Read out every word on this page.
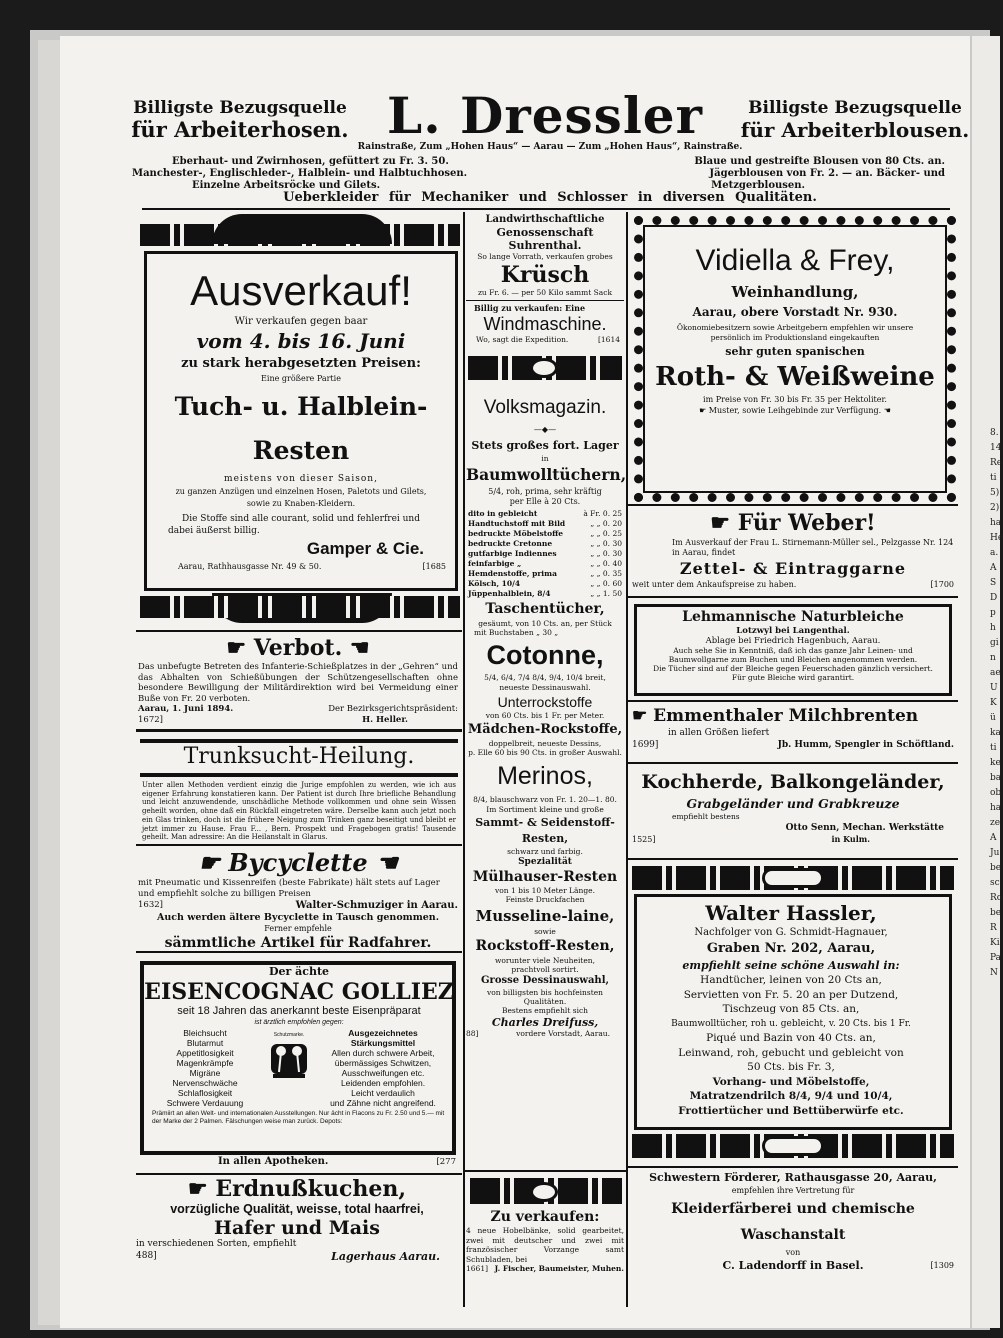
8.
14
Re
ti
5)
2)
ha
He
a.
A
S
D
p
h
gi
n
ae
U
K
ü
ka
ti
ke
ba
ob
ha
ze
A
Ju
be
sc
Ro
be
R
Ki
Pa
N
Billigste Bezugsquelle
für Arbeiterhosen. L. Dressler	Billigste Bezugsquelle
für Arbeiterblousen.
Rainstraße, Zum „Hohen Haus“ — Aarau — Zum „Hohen Haus“, Rainstraße.
Eberhaut- und Zwirnhosen, gefüttert zu Fr. 3. 50.
Manchester-, Englischleder-, Halblein- und Halbtuchhosen.
Einzelne Arbeitsröcke und Gilets.
Blaue und gestreifte Blousen von 80 Cts. an.
Jägerblousen von Fr. 2. — an. Bäcker- und
Metzgerblousen.
Ueberkleider für Mechaniker und Schlosser in diversen Qualitäten.
Ausverkauf!
Wir verkaufen gegen baar
vom 4. bis 16. Juni
zu stark herabgesetzten Preisen:
Eine größere Partie
Tuch- u. Halblein-Resten
meistens von dieser Saison,
zu ganzen Anzügen und einzelnen Hosen, Paletots und Gilets,
sowie zu Knaben-Kleidern.
Die Stoffe sind alle courant, solid und fehlerfrei und
dabei äußerst billig.
Gamper & Cie.
Aarau, Rathhausgasse Nr. 49 & 50.	[1685
☛ Verbot. ☚
Das unbefugte Betreten des Infanterie-Schießplatzes in der „Gehren“ und das Abhalten von Schießübungen der Schützengesellschaften ohne besondere Bewilligung der Militärdirektion wird bei Vermeidung einer Buße von Fr. 20 verboten.
Aarau, 1. Juni 1894.	Der Bezirksgerichtspräsident:
1672]	H. Heller.
Trunksucht-Heilung.
Unter allen Methoden verdient einzig die Jurige empfohlen zu werden, wie ich aus eigener Erfahrung konstatieren kann. Der Patient ist durch Ihre briefliche Behandlung und leicht anzuwendende, unschädliche Methode vollkommen und ohne sein Wissen geheilt worden, ohne daß ein Rückfall eingetreten wäre. Derselbe kann auch jetzt noch ein Glas trinken, doch ist die frühere Neigung zum Trinken ganz beseitigt und bleibt er jetzt immer zu Hause. Frau F... , Bern. Prospekt und Fragebogen gratis! Tausende geheilt. Man adressire: An die Heilanstalt in Glarus.
☛ Bycyclette ☚
mit Pneumatic und Kissenreifen (beste Fabrikate) hält stets auf Lager und empfiehlt solche zu billigen Preisen
1632]	Walter-Schmuziger in Aarau.
Auch werden ältere Bycyclette in Tausch genommen.
Ferner empfehle
sämmtliche Artikel für Radfahrer.
Der ächte
EISENCOGNAC GOLLIEZ
seit 18 Jahren das anerkannt beste Eisenpräparat
ist ärztlich empfohlen gegen:
Bleichsucht
Blutarmut
Appetitlosigkeit
Magenkrämpfe
Migräne
Nervenschwäche
Schlaflosigkeit
Schwere Verdauung
Schutzmarke.	Ausgezeichnetes
Stärkungsmittel
Allen durch schwere Arbeit,
übermässiges Schwitzen,
Ausschweifungen etc.
Leidenden empfohlen.
Leicht verdaulich
und Zähne nicht angreifend.
Prämiirt an allen Welt- und internationalen Ausstellungen. Nur ächt in Flacons zu Fr. 2.50 und 5.— mit der Marke der 2 Palmen. Fälschungen weise man zurück. Depots:
In allen Apotheken.	[277
☛ Erdnußkuchen,
vorzügliche Qualität, weisse, total haarfrei,
Hafer und Mais
in verschiedenen Sorten, empfiehlt
488]	Lagerhaus Aarau.
Landwirthschaftliche
Genossenschaft Suhrenthal.
So lange Vorrath, verkaufen grobes
Krüsch
zu Fr. 6. — per 50 Kilo sammt Sack
Billig zu verkaufen: Eine
Windmaschine.
Wo, sagt die Expedition.	[1614
Volksmagazin.
—◆—
Stets großes fort. Lager
in
Baumwolltüchern,
5/4, roh, prima, sehr kräftig
per Elle à 20 Cts.
dito in gebleicht	à Fr. 0. 25
Handtuchstoff mit Bild	„ „ 0. 20
bedruckte Möbelstoffe	„ „ 0. 25
bedruckte Cretonne	„ „ 0. 30
gutfarbige Indiennes	„ „ 0. 30
feinfarbige „	„ „ 0. 40
Hemdenstoffe, prima	„ „ 0. 35
Kölsch, 10/4	„ „ 0. 60
Jüppenhalblein, 8/4	„ „ 1. 50
Taschentücher,
gesäumt, von 10 Cts. an, per Stück
mit Buchstaben „ 30 „
Cotonne,
5/4, 6/4, 7/4 8/4, 9/4, 10/4 breit,
neueste Dessinauswahl.
Unterrockstoffe
von 60 Cts. bis 1 Fr. per Meter.
Mädchen-Rockstoffe,
doppelbreit, neueste Dessins,
p. Elle 60 bis 90 Cts. in großer Auswahl.
Merinos,
8/4, blauschwarz von Fr. 1. 20—1. 80.
Im Sortiment kleine und große
Sammt- & Seidenstoff-Resten,
schwarz und farbig.
Spezialität
Mülhauser-Resten
von 1 bis 10 Meter Länge.
Feinste Druckfachen
Musseline-laine,
sowie
Rockstoff-Resten,
worunter viele Neuheiten,
prachtvoll sortirt.
Grosse Dessinauswahl,
von billigsten bis hochfeinsten Qualitäten.
Bestens empfiehlt sich
Charles Dreifuss,
88]	vordere Vorstadt, Aarau.
Zu verkaufen:
4 neue Hobelbänke, solid gearbeitet, zwei mit deutscher und zwei mit französischer Vorzange samt Schubladen, bei
1661] J. Fischer, Baumeister, Muhen.
Vidiella & Frey,
Weinhandlung,
Aarau, obere Vorstadt Nr. 930.
Ökonomiebesitzern sowie Arbeitgebern empfehlen wir unsere persönlich im Produktionsland eingekauften
sehr guten spanischen
Roth- & Weißweine
im Preise von Fr. 30 bis Fr. 35 per Hektoliter.
☛ Muster, sowie Leihgebinde zur Verfügung. ☚
☛ Für Weber!
Im Ausverkauf der Frau L. Stirnemann-Müller sel., Pelzgasse Nr. 124 in Aarau, findet
Zettel- & Eintraggarne
weit unter dem Ankaufspreise zu haben.	[1700
Lehmannische Naturbleiche
Lotzwyl bei Langenthal.
Ablage bei Friedrich Hagenbuch, Aarau.
Auch sehe Sie in Kenntniß, daß ich das ganze Jahr Leinen- und Baumwollgarne zum Buchen und Bleichen angenommen werden.
Die Tücher sind auf der Bleiche gegen Feuerschaden gänzlich versichert.
Für gute Bleiche wird garantirt.
☛ Emmenthaler Milchbrenten
in allen Größen liefert
1699]	Jb. Humm, Spengler in Schöftland.
Kochherde, Balkongeländer,
Grabgeländer und Grabkreuze
empfiehlt bestens
Otto Senn, Mechan. Werkstätte
1525]	in Kulm.
Walter Hassler,
Nachfolger von G. Schmidt-Hagnauer,
Graben Nr. 202, Aarau,
empfiehlt seine schöne Auswahl in:
Handtücher, leinen von 20 Cts an,
Servietten von Fr. 5. 20 an per Dutzend,
Tischzeug von 85 Cts. an,
Baumwolltücher, roh u. gebleicht, v. 20 Cts. bis 1 Fr.
Piqué und Bazin von 40 Cts. an,
Leinwand, roh, gebucht und gebleicht von
50 Cts. bis Fr. 3,
Vorhang- und Möbelstoffe,
Matratzendrilch 8/4, 9/4 und 10/4,
Frottiertücher und Bettüberwürfe etc.
Schwestern Förderer, Rathausgasse 20, Aarau,
empfehlen ihre Vertretung für
Kleiderfärberei und chemische Waschanstalt
von
C. Ladendorff in Basel.	[1309
